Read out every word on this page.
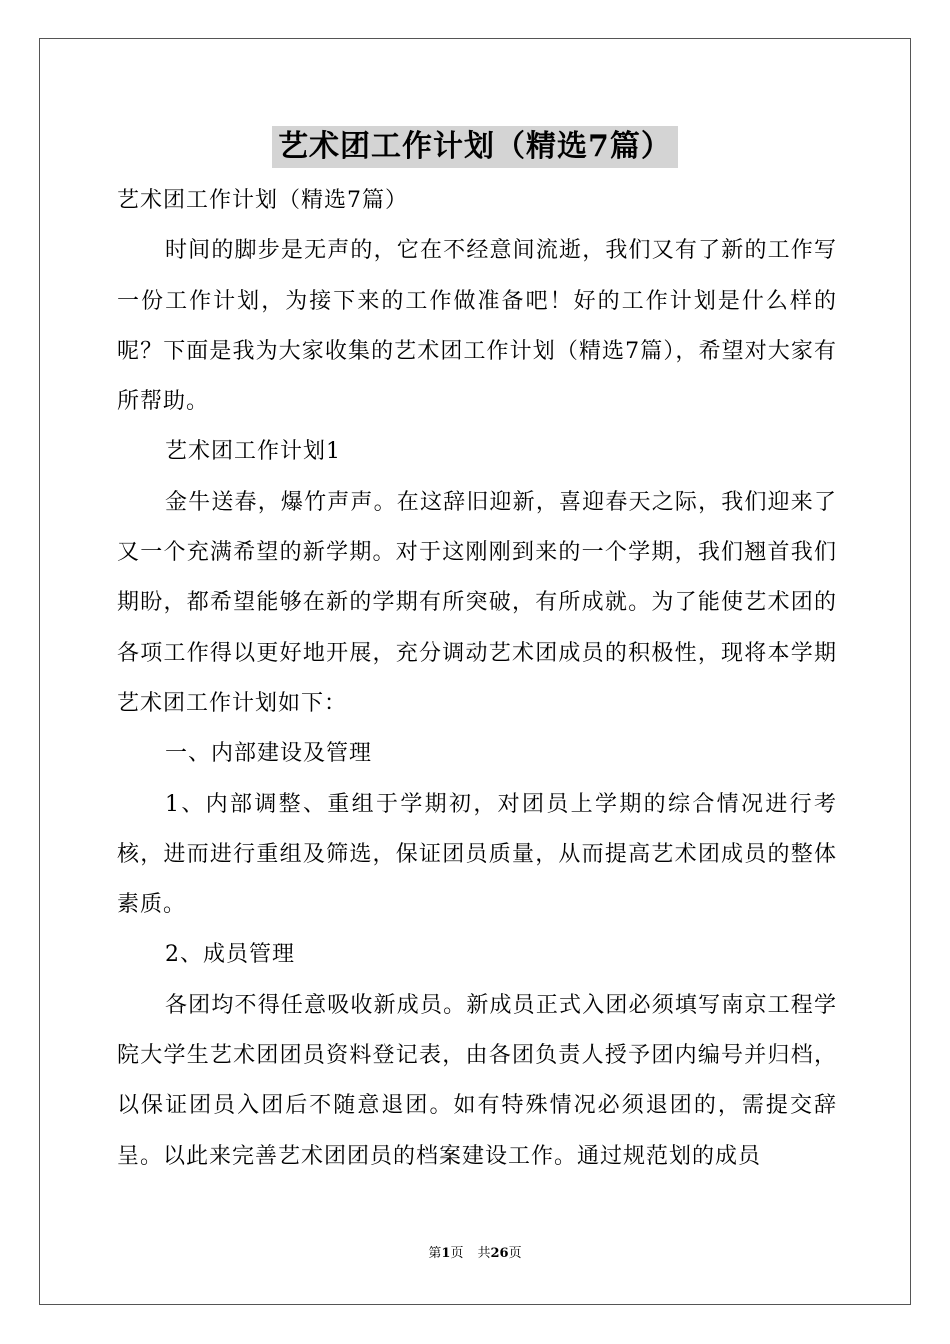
艺术团工作计划（精选7篇）

艺术团工作计划（精选7篇）

时间的脚步是无声的，它在不经意间流逝，我们又有了新的工作写一份工作计划，为接下来的工作做准备吧！好的工作计划是什么样的呢？下面是我为大家收集的艺术团工作计划（精选7篇），希望对大家有所帮助。

艺术团工作计划1

金牛送春，爆竹声声。在这辞旧迎新，喜迎春天之际，我们迎来了又一个充满希望的新学期。对于这刚刚到来的一个学期，我们翘首我们期盼，都希望能够在新的学期有所突破，有所成就。为了能使艺术团的各项工作得以更好地开展，充分调动艺术团成员的积极性，现将本学期艺术团工作计划如下：

一、内部建设及管理

1、内部调整、重组于学期初，对团员上学期的综合情况进行考核，进而进行重组及筛选，保证团员质量，从而提高艺术团成员的整体素质。

2、成员管理

各团均不得任意吸收新成员。新成员正式入团必须填写南京工程学院大学生艺术团团员资料登记表，由各团负责人授予团内编号并归档，以保证团员入团后不随意退团。如有特殊情况必须退团的，需提交辞呈。以此来完善艺术团团员的档案建设工作。通过规范划的成员

第1页 共26页
